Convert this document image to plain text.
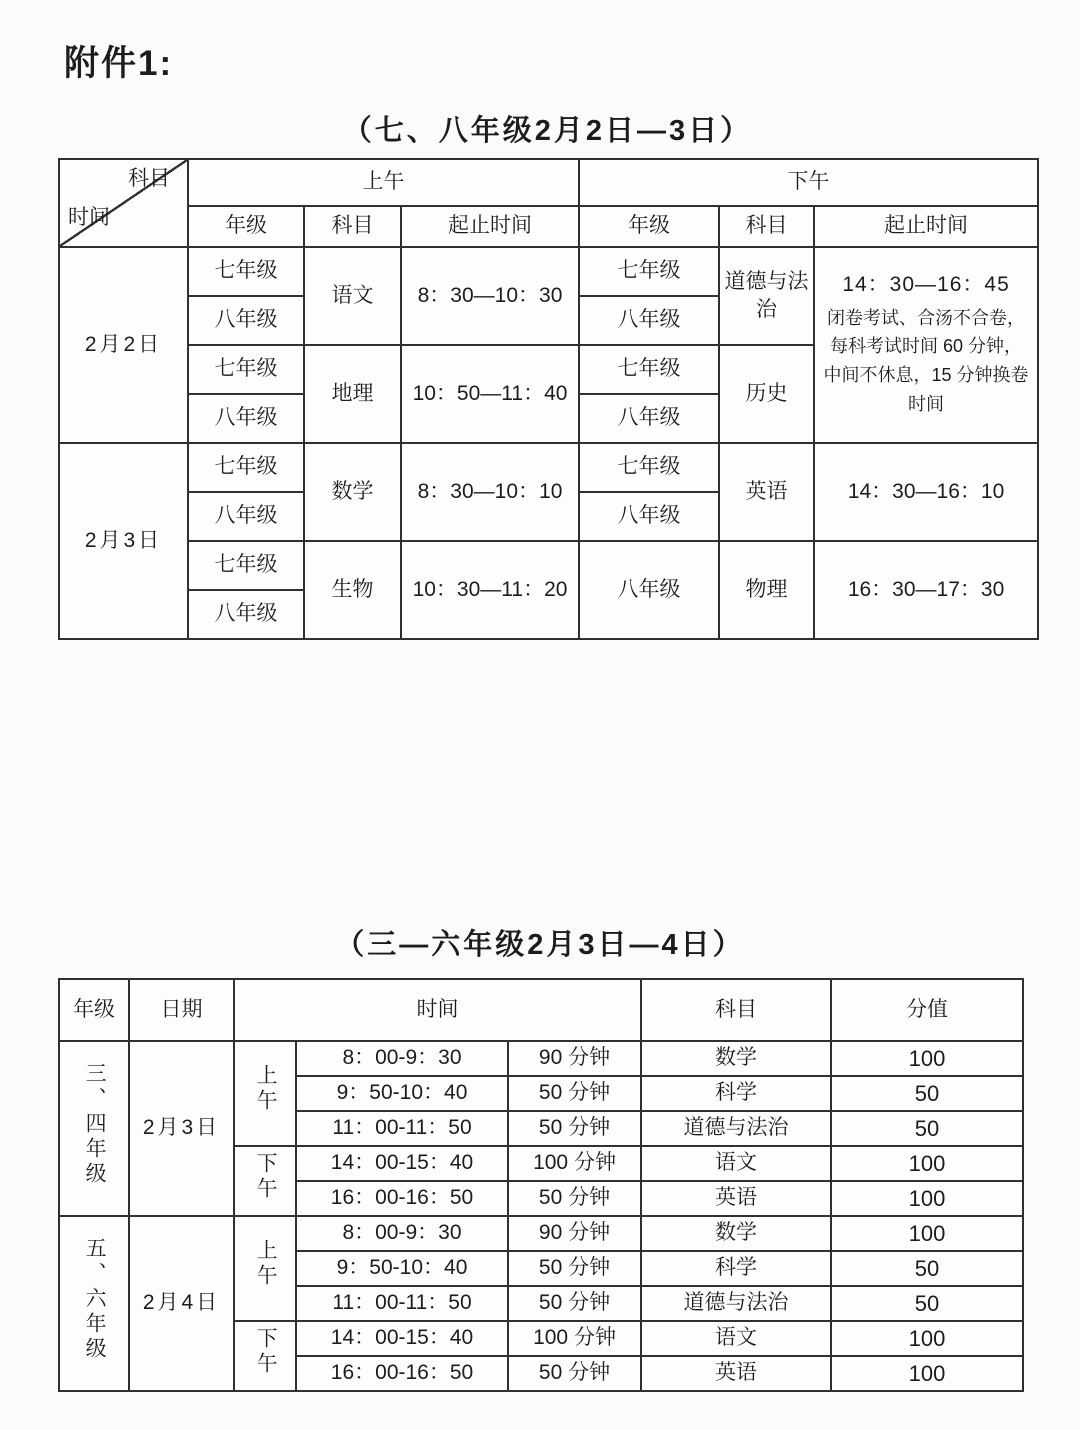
附件1:
（七、八年级2月2日—3日）
科目
时间	上午			下午		
	年级	科目	起止时间	年级	科目	起止时间
2月2日	七年级	语文	8：30—10：30	七年级	道德与法治	14：30—16：45
闭卷考试、合汤不合卷，每科考试时间 60 分钟，中间不休息，15 分钟换卷时间

	八年级			八年级		
	七年级	地理	10：50—11：40	七年级	历史	
	八年级			八年级		
2月3日	七年级	数学	8：30—10：10	七年级	英语	14：30—16：10
	八年级			八年级		
	七年级	生物	10：30—11：20	八年级	物理	16：30—17：30
	八年级					
（三—六年级2月3日—4日）
年级	日期	时间			科目	分值
三、四年级	2月3日	上午	8：00-9：30	90 分钟	数学	100
			9：50-10：40	50 分钟	科学	50
			11：00-11：50	50 分钟	道德与法治	50
		下午	14：00-15：40	100 分钟	语文	100
			16：00-16：50	50 分钟	英语	100
五、六年级	2月4日	上午	8：00-9：30	90 分钟	数学	100
			9：50-10：40	50 分钟	科学	50
			11：00-11：50	50 分钟	道德与法治	50
		下午	14：00-15：40	100 分钟	语文	100
			16：00-16：50	50 分钟	英语	100
